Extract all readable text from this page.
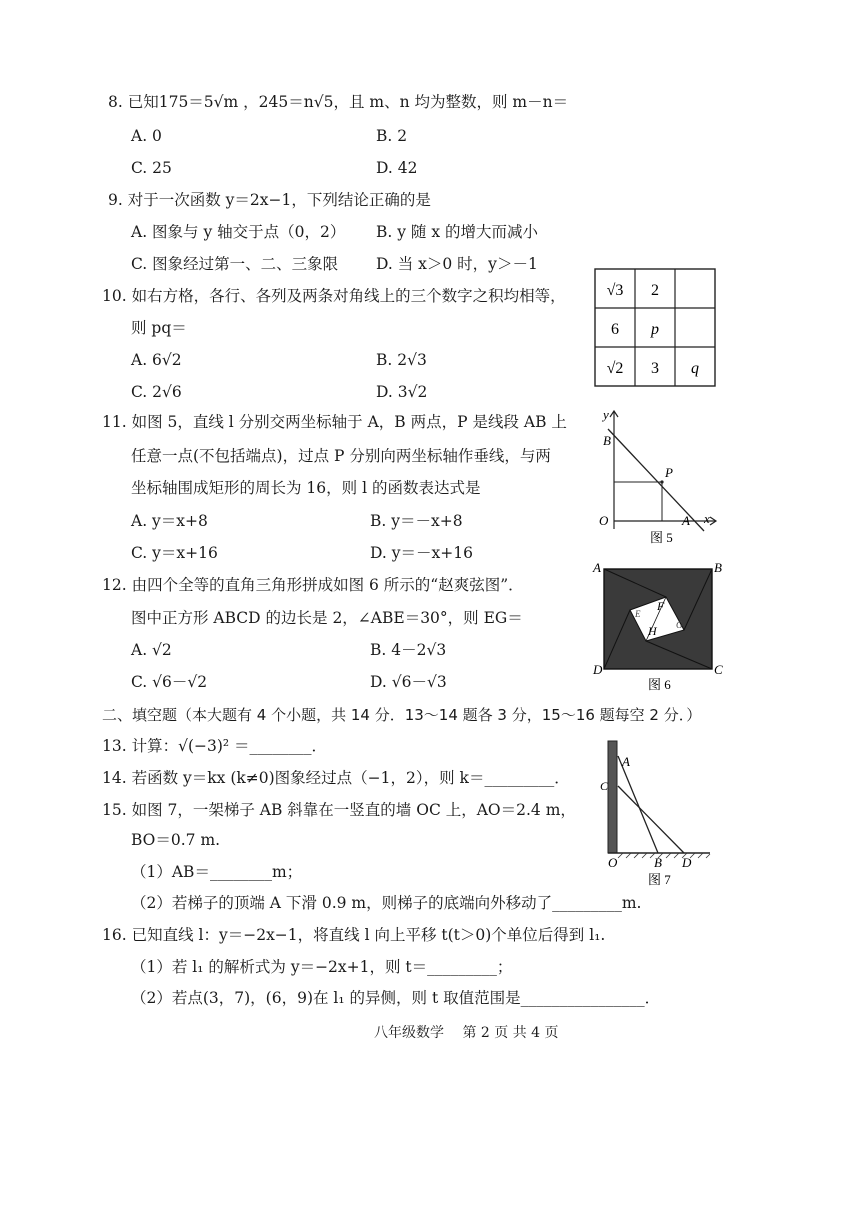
8. 已知175＝5√m ，245＝n√5，且 m、n 均为整数，则 m－n＝
A. 0	B. 2
C. 25	D. 42
9. 对于一次函数 y＝2x−1，下列结论正确的是
A. 图象与 y 轴交于点（0，2） B. y 随 x 的增大而减小
C. 图象经过第一、二、三象限 D. 当 x＞0 时，y＞－1
10. 如右方格，各行、各列及两条对角线上的三个数字之积均相等，
则 pq＝
A. 6√2	B. 2√3
C. 2√6	D. 3√2
√3 2
6 p
√2 3 q
11. 如图 5，直线 l 分别交两坐标轴于 A，B 两点，P 是线段 AB 上
任意一点(不包括端点)，过点 P 分别向两坐标轴作垂线，与两
坐标轴围成矩形的周长为 16，则 l 的函数表达式是
A. y＝x+8	B. y＝－x+8
C. y＝x+16	D. y＝－x+16
y
x
B
P
O	A
图 5
12. 由四个全等的直角三角形拼成如图 6 所示的“赵爽弦图”．
图中正方形 ABCD 的边长是 2，∠ABE＝30°，则 EG＝
A. √2	B. 4－2√3
C. √6－√2	D. √6－√3
A	B
D	C
F
H
E
G
图 6
二、填空题（本大题有 4 个小题，共 14 分．13～14 题各 3 分，15～16 题每空 2 分．）
13. 计算：√(−3)² ＝________．
14. 若函数 y＝kx (k≠0)图象经过点（−1，2），则 k＝_________．
15. 如图 7，一架梯子 AB 斜靠在一竖直的墙 OC 上，AO＝2.4 m，
BO＝0.7 m.
（1）AB＝________m；
（2）若梯子的顶端 A 下滑 0.9 m，则梯子的底端向外移动了_________m.
A
C
O	B D
图 7
16. 已知直线 l：y＝−2x−1，将直线 l 向上平移 t(t＞0)个单位后得到 l₁.
（1）若 l₁ 的解析式为 y＝−2x+1，则 t＝_________；
（2）若点(3，7)，(6，9)在 l₁ 的异侧，则 t 取值范围是________________．
八年级数学　 第 2 页 共 4 页
